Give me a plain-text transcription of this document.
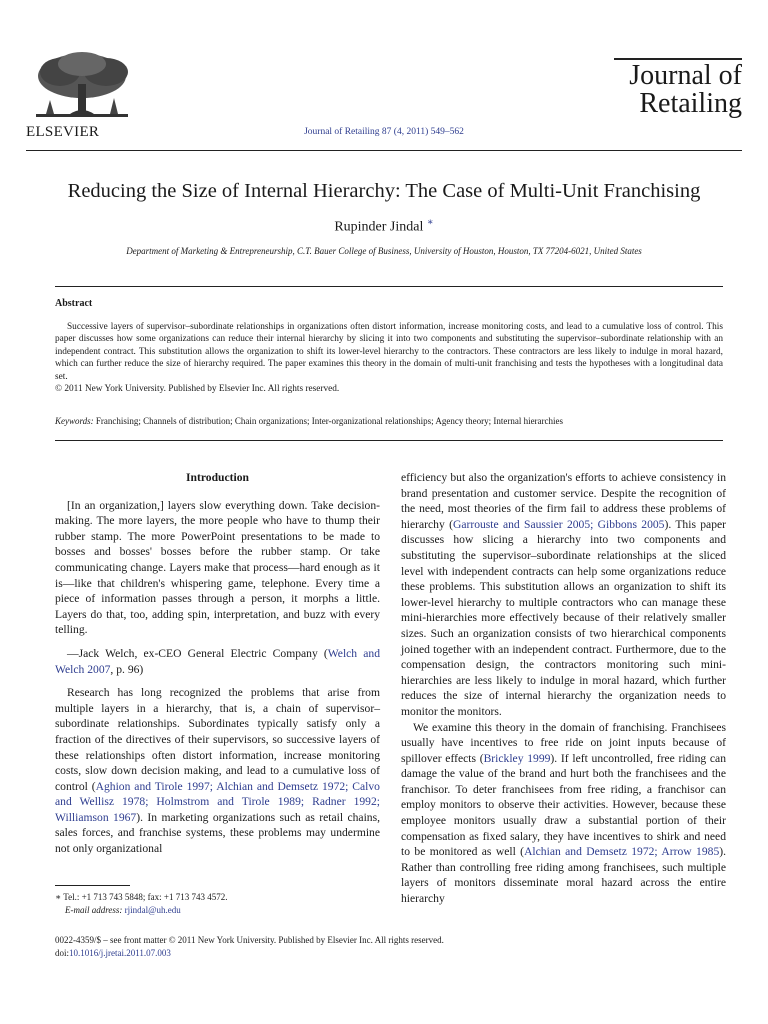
ELSEVIER	Journal of Retailing 87 (4, 2011) 549–562
Journal of
Retailing
Reducing the Size of Internal Hierarchy: The Case of Multi-Unit Franchising
Rupinder Jindal ∗
Department of Marketing & Entrepreneurship, C.T. Bauer College of Business, University of Houston, Houston, TX 77204-6021, United States
Abstract

Successive layers of supervisor–subordinate relationships in organizations often distort information, increase monitoring costs, and lead to a cumulative loss of control. This paper discusses how some organizations can reduce their internal hierarchy by slicing it into two components and substituting the supervisor–subordinate relationship with an independent contract. This substitution allows the organization to shift its lower-level hierarchy to the contractors. These contractors are less likely to indulge in moral hazard, which can further reduce the size of hierarchy required. The paper examines this theory in the domain of multi-unit franchising and tests the hypotheses with a longitudinal data set.

© 2011 New York University. Published by Elsevier Inc. All rights reserved.

Keywords: Franchising; Channels of distribution; Chain organizations; Inter-organizational relationships; Agency theory; Internal hierarchies
Introduction

[In an organization,] layers slow everything down. Take decision-making. The more layers, the more people who have to thump their rubber stamp. The more PowerPoint presentations to be made to bosses and bosses' bosses before the rubber stamp. Or take communicating change. Layers make that process—hard enough as it is—like that children's whispering game, telephone. Every time a piece of information passes through a person, it morphs a little. Layers do that, too, adding spin, interpretation, and buzz with every telling.

—Jack Welch, ex-CEO General Electric Company (Welch and Welch 2007, p. 96)

Research has long recognized the problems that arise from multiple layers in a hierarchy, that is, a chain of supervisor–subordinate relationships. Subordinates typically satisfy only a fraction of the directives of their supervisors, so successive layers of these relationships often distort information, increase monitoring costs, slow down decision making, and lead to a cumulative loss of control (Aghion and Tirole 1997; Alchian and Demsetz 1972; Calvo and Wellisz 1978; Holmstrom and Tirole 1989; Radner 1992; Williamson 1967). In marketing organizations such as retail chains, sales forces, and franchise systems, these problems may undermine not only organizational

efficiency but also the organization's efforts to achieve consistency in brand presentation and customer service. Despite the recognition of the need, most theories of the firm fail to address these problems of hierarchy (Garrouste and Saussier 2005; Gibbons 2005). This paper discusses how slicing a hierarchy into two components and substituting the supervisor–subordinate relationships at the sliced level with independent contracts can help some organizations reduce these problems. This substitution allows an organization to shift its lower-level hierarchy to multiple contractors who can manage these mini-hierarchies more effectively because of their relatively smaller sizes. Such an organization consists of two hierarchical components joined together with an independent contract. Furthermore, due to the compensation design, the contractors monitoring such mini-hierarchies are less likely to indulge in moral hazard, which further reduces the size of internal hierarchy the organization needs to monitor the monitors.

We examine this theory in the domain of franchising. Franchisees usually have incentives to free ride on joint inputs because of spillover effects (Brickley 1999). If left uncontrolled, free riding can damage the value of the brand and hurt both the franchisees and the franchisor. To deter franchisees from free riding, a franchisor can employ monitors to observe their activities. However, because these employee monitors usually draw a substantial portion of their compensation as fixed salary, they have incentives to shirk and need to be monitored as well (Alchian and Demsetz 1972; Arrow 1985). Rather than controlling free riding among franchisees, such multiple layers of monitors disseminate moral hazard across the entire hierarchy

∗ Tel.: +1 713 743 5848; fax: +1 713 743 4572.
E-mail address: rjindal@uh.edu
0022-4359/$ – see front matter © 2011 New York University. Published by Elsevier Inc. All rights reserved.
doi:10.1016/j.jretai.2011.07.003
